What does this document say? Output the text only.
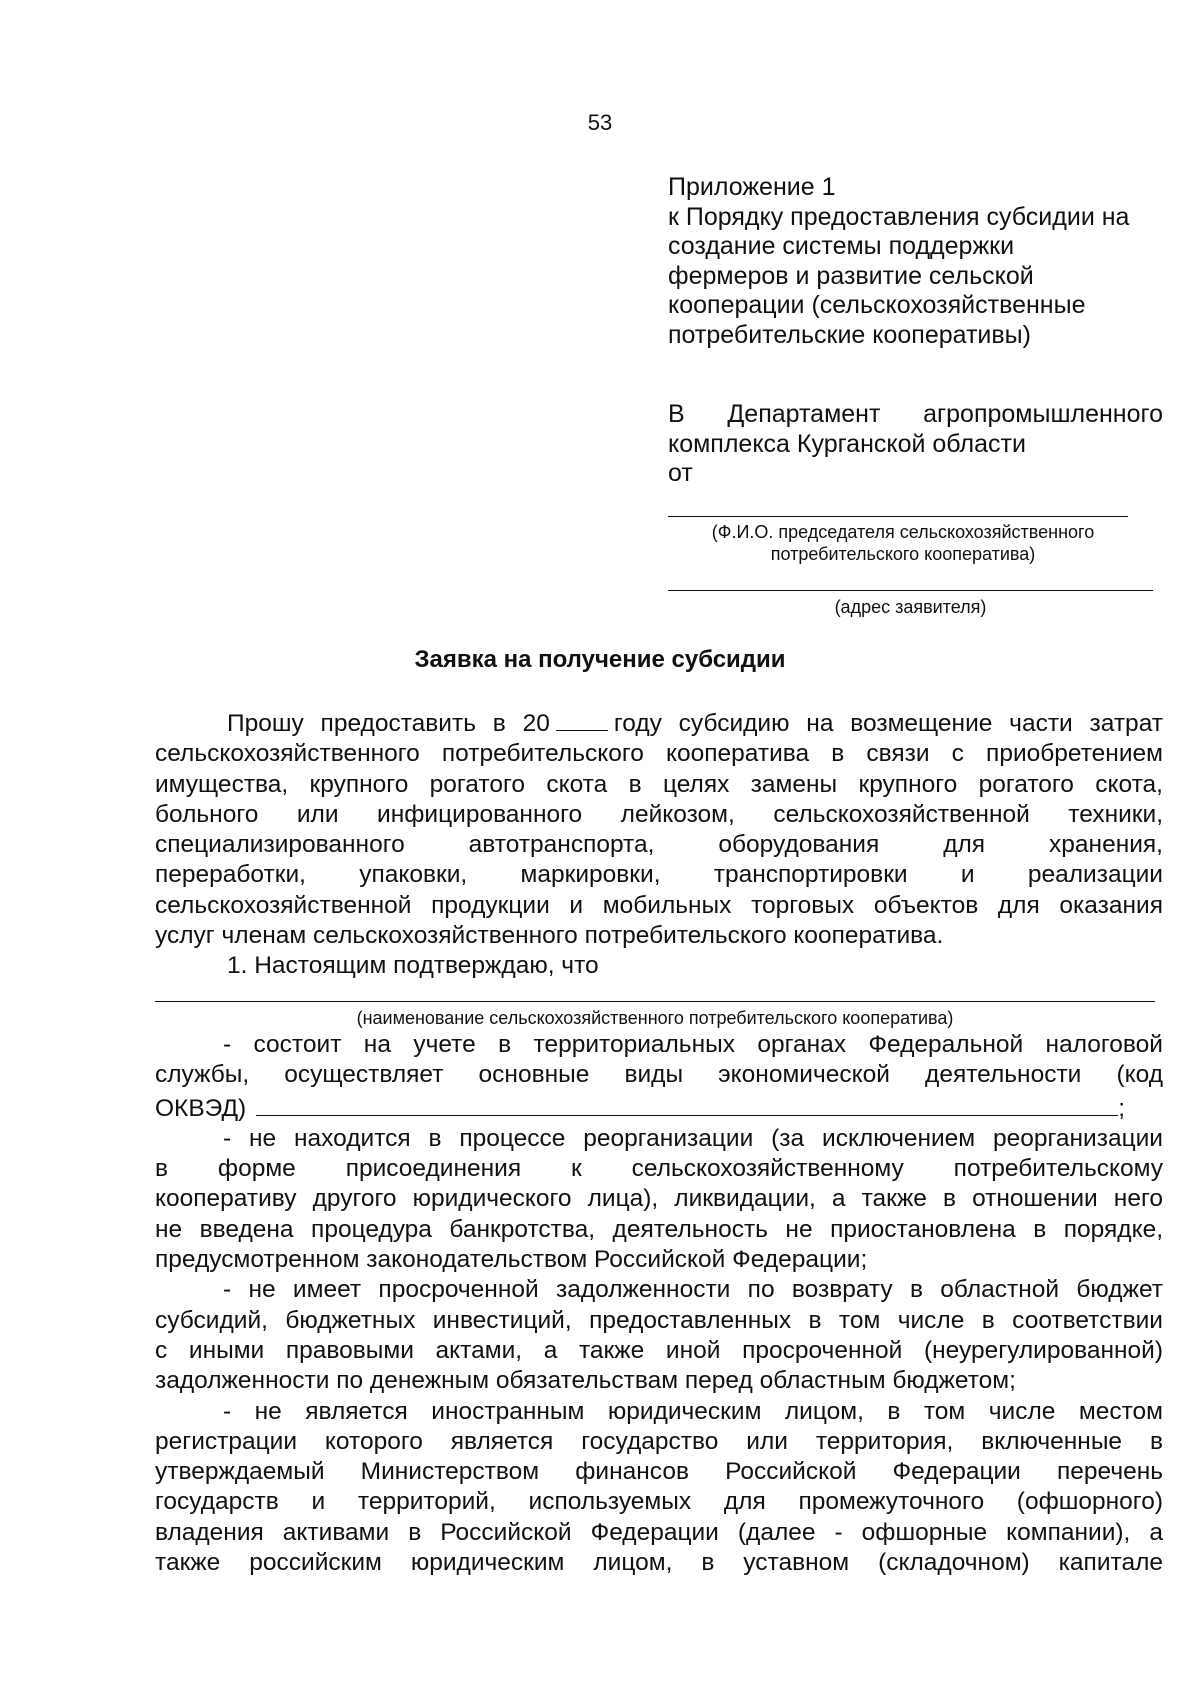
53
Приложение 1
к Порядку предоставления субсидии на
создание системы поддержки
фермеров и развитие сельской
кооперации (сельскохозяйственные
потребительские кооперативы)
В Департамент агропромышленного
комплекса Курганской области
от
(Ф.И.О. председателя сельскохозяйственного
потребительского кооператива)
(адрес заявителя)
Заявка на получение субсидии
Прошу предоставить в 20	году субсидию на возмещение части затрат
сельскохозяйственного потребительского кооператива в связи с приобретением
имущества, крупного рогатого скота в целях замены крупного рогатого скота,
больного или инфицированного лейкозом, сельскохозяйственной техники,
специализированного автотранспорта, оборудования для хранения,
переработки, упаковки, маркировки, транспортировки и реализации
сельскохозяйственной продукции и мобильных торговых объектов для оказания
услуг членам сельскохозяйственного потребительского кооператива.
1. Настоящим подтверждаю, что
(наименование сельскохозяйственного потребительского кооператива)
- состоит на учете в территориальных органах Федеральной налоговой
службы, осуществляет основные виды экономической деятельности (код
ОКВЭД)	;
- не находится в процессе реорганизации (за исключением реорганизации
в форме присоединения к сельскохозяйственному потребительскому
кооперативу другого юридического лица), ликвидации, а также в отношении него
не введена процедура банкротства, деятельность не приостановлена в порядке,
предусмотренном законодательством Российской Федерации;
- не имеет просроченной задолженности по возврату в областной бюджет
субсидий, бюджетных инвестиций, предоставленных в том числе в соответствии
с иными правовыми актами, а также иной просроченной (неурегулированной)
задолженности по денежным обязательствам перед областным бюджетом;
- не является иностранным юридическим лицом, в том числе местом
регистрации которого является государство или территория, включенные в
утверждаемый Министерством финансов Российской Федерации перечень
государств и территорий, используемых для промежуточного (офшорного)
владения активами в Российской Федерации (далее - офшорные компании), а
также российским юридическим лицом, в уставном (складочном) капитале
